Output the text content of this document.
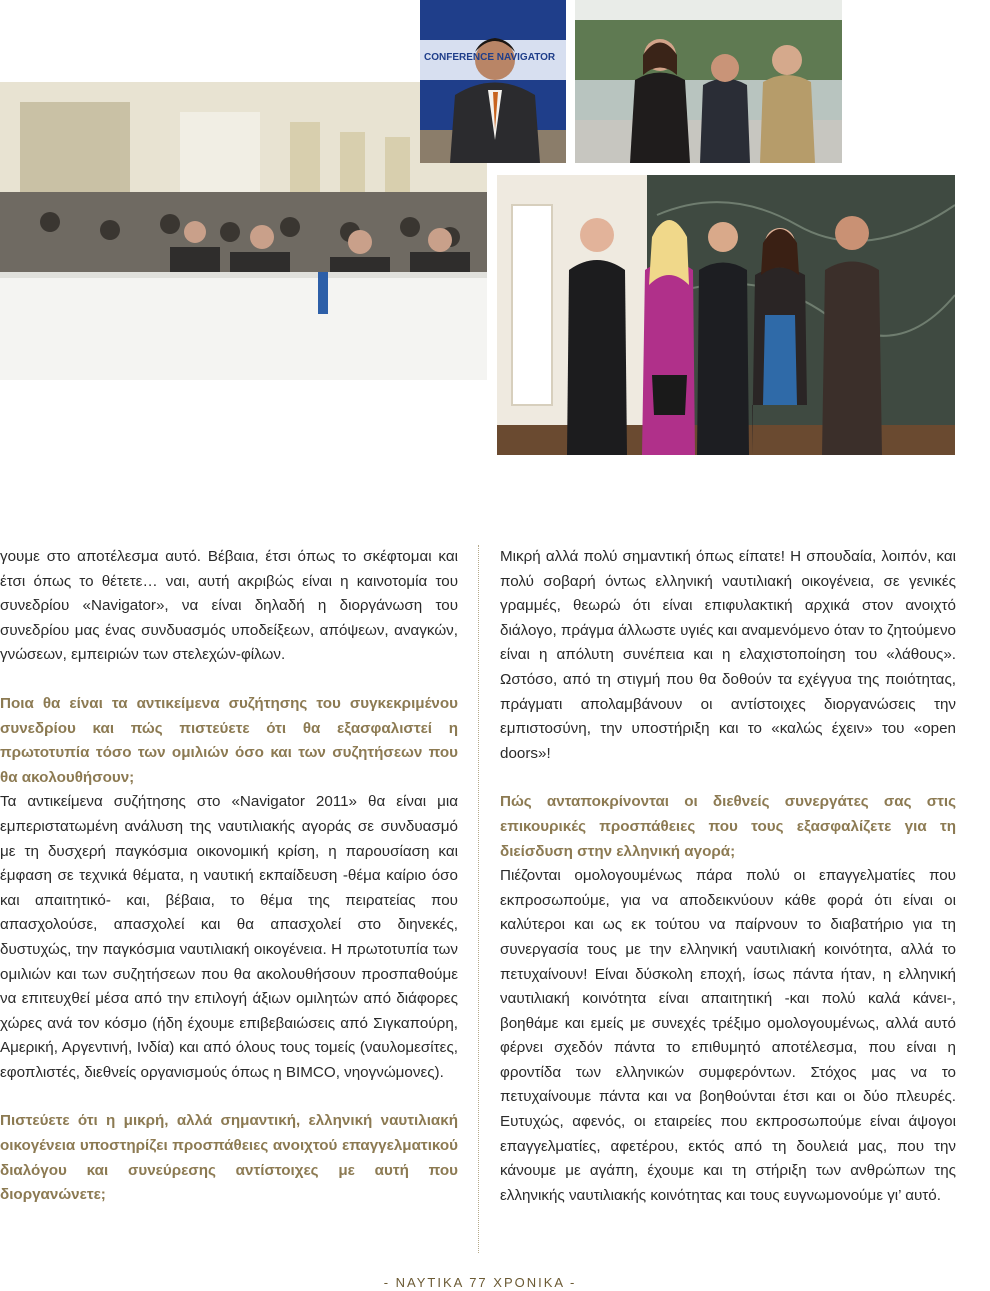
CONFERENCE NAVIGATOR

γουμε στο αποτέλεσμα αυτό. Βέβαια, έτσι όπως το σκέφτομαι και έτσι όπως το θέτετε… ναι, αυτή ακριβώς είναι η καινοτομία του συνεδρίου «Navigator», να είναι δηλαδή η διοργάνωση του συνεδρίου μας ένας συνδυασμός υποδείξεων, απόψεων, αναγκών, γνώσεων, εμπειριών των στελεχών-φίλων.

Ποια θα είναι τα αντικείμενα συζήτησης του συγκεκριμένου συνεδρίου και πώς πιστεύετε ότι θα εξασφαλιστεί η πρωτοτυπία τόσο των ομιλιών όσο και των συζητήσεων που θα ακολουθήσουν;

Τα αντικείμενα συζήτησης στο «Navigator 2011» θα είναι μια εμπεριστατωμένη ανάλυση της ναυτιλιακής αγοράς σε συνδυασμό με τη δυσχερή παγκόσμια οικονομική κρίση, η παρουσίαση και έμφαση σε τεχνικά θέματα, η ναυτική εκπαίδευση -θέμα καίριο όσο και απαιτητικό- και, βέβαια, το θέμα της πειρατείας που απασχολούσε, απασχολεί και θα απασχολεί στο διηνεκές, δυστυχώς, την παγκόσμια ναυτιλιακή οικογένεια. Η πρωτοτυπία των ομιλιών και των συζητήσεων που θα ακολουθήσουν προσπαθούμε να επιτευχθεί μέσα από την επιλογή άξιων ομιλητών από διάφορες χώρες ανά τον κόσμο (ήδη έχουμε επιβεβαιώσεις από Σιγκαπούρη, Αμερική, Αργεντινή, Ινδία) και από όλους τους τομείς (ναυλομεσίτες, εφοπλιστές, διεθνείς οργανισμούς όπως η BIMCO, νηογνώμονες).

Πιστεύετε ότι η μικρή, αλλά σημαντική, ελληνική ναυτιλιακή οικογένεια υποστηρίζει προσπάθειες ανοιχτού επαγγελματικού διαλόγου και συνεύρεσης αντίστοιχες με αυτή που διοργανώνετε;

Μικρή αλλά πολύ σημαντική όπως είπατε! Η σπουδαία, λοιπόν, και πολύ σοβαρή όντως ελληνική ναυτιλιακή οικογένεια, σε γενικές γραμμές, θεωρώ ότι είναι επιφυλακτική αρχικά στον ανοιχτό διάλογο, πράγμα άλλωστε υγιές και αναμενόμενο όταν το ζητούμενο είναι η απόλυτη συνέπεια και η ελαχιστοποίηση του «λάθους». Ωστόσο, από τη στιγμή που θα δοθούν τα εχέγγυα της ποιότητας, πράγματι απολαμβάνουν οι αντίστοιχες διοργανώσεις την εμπιστοσύνη, την υποστήριξη και το «καλώς έχειν» του «open doors»!

Πώς ανταποκρίνονται οι διεθνείς συνεργάτες σας στις επικουρικές προσπάθειες που τους εξασφαλίζετε για τη διείσδυση στην ελληνική αγορά;

Πιέζονται ομολογουμένως πάρα πολύ οι επαγγελματίες που εκπροσωπούμε, για να αποδεικνύουν κάθε φορά ότι είναι οι καλύτεροι και ως εκ τούτου να παίρνουν το διαβατήριο για τη συνεργασία τους με την ελληνική ναυτιλιακή κοινότητα, αλλά το πετυχαίνουν! Είναι δύσκολη εποχή, ίσως πάντα ήταν, η ελληνική ναυτιλιακή κοινότητα είναι απαιτητική -και πολύ καλά κάνει-, βοηθάμε και εμείς με συνεχές τρέξιμο ομολογουμένως, αλλά αυτό φέρνει σχεδόν πάντα το επιθυμητό αποτέλεσμα, που είναι η φροντίδα των ελληνικών συμφερόντων. Στόχος μας να το πετυχαίνουμε πάντα και να βοηθούνται έτσι και οι δύο πλευρές. Ευτυχώς, αφενός, οι εταιρείες που εκπροσωπούμε είναι άψογοι επαγγελματίες, αφετέρου, εκτός από τη δουλειά μας, που την κάνουμε με αγάπη, έχουμε και τη στήριξη των ανθρώπων της ελληνικής ναυτιλιακής κοινότητας και τους ευγνωμονούμε γι’ αυτό.

- ΝΑΥΤΙΚΑ 77 ΧΡΟΝΙΚΑ -
